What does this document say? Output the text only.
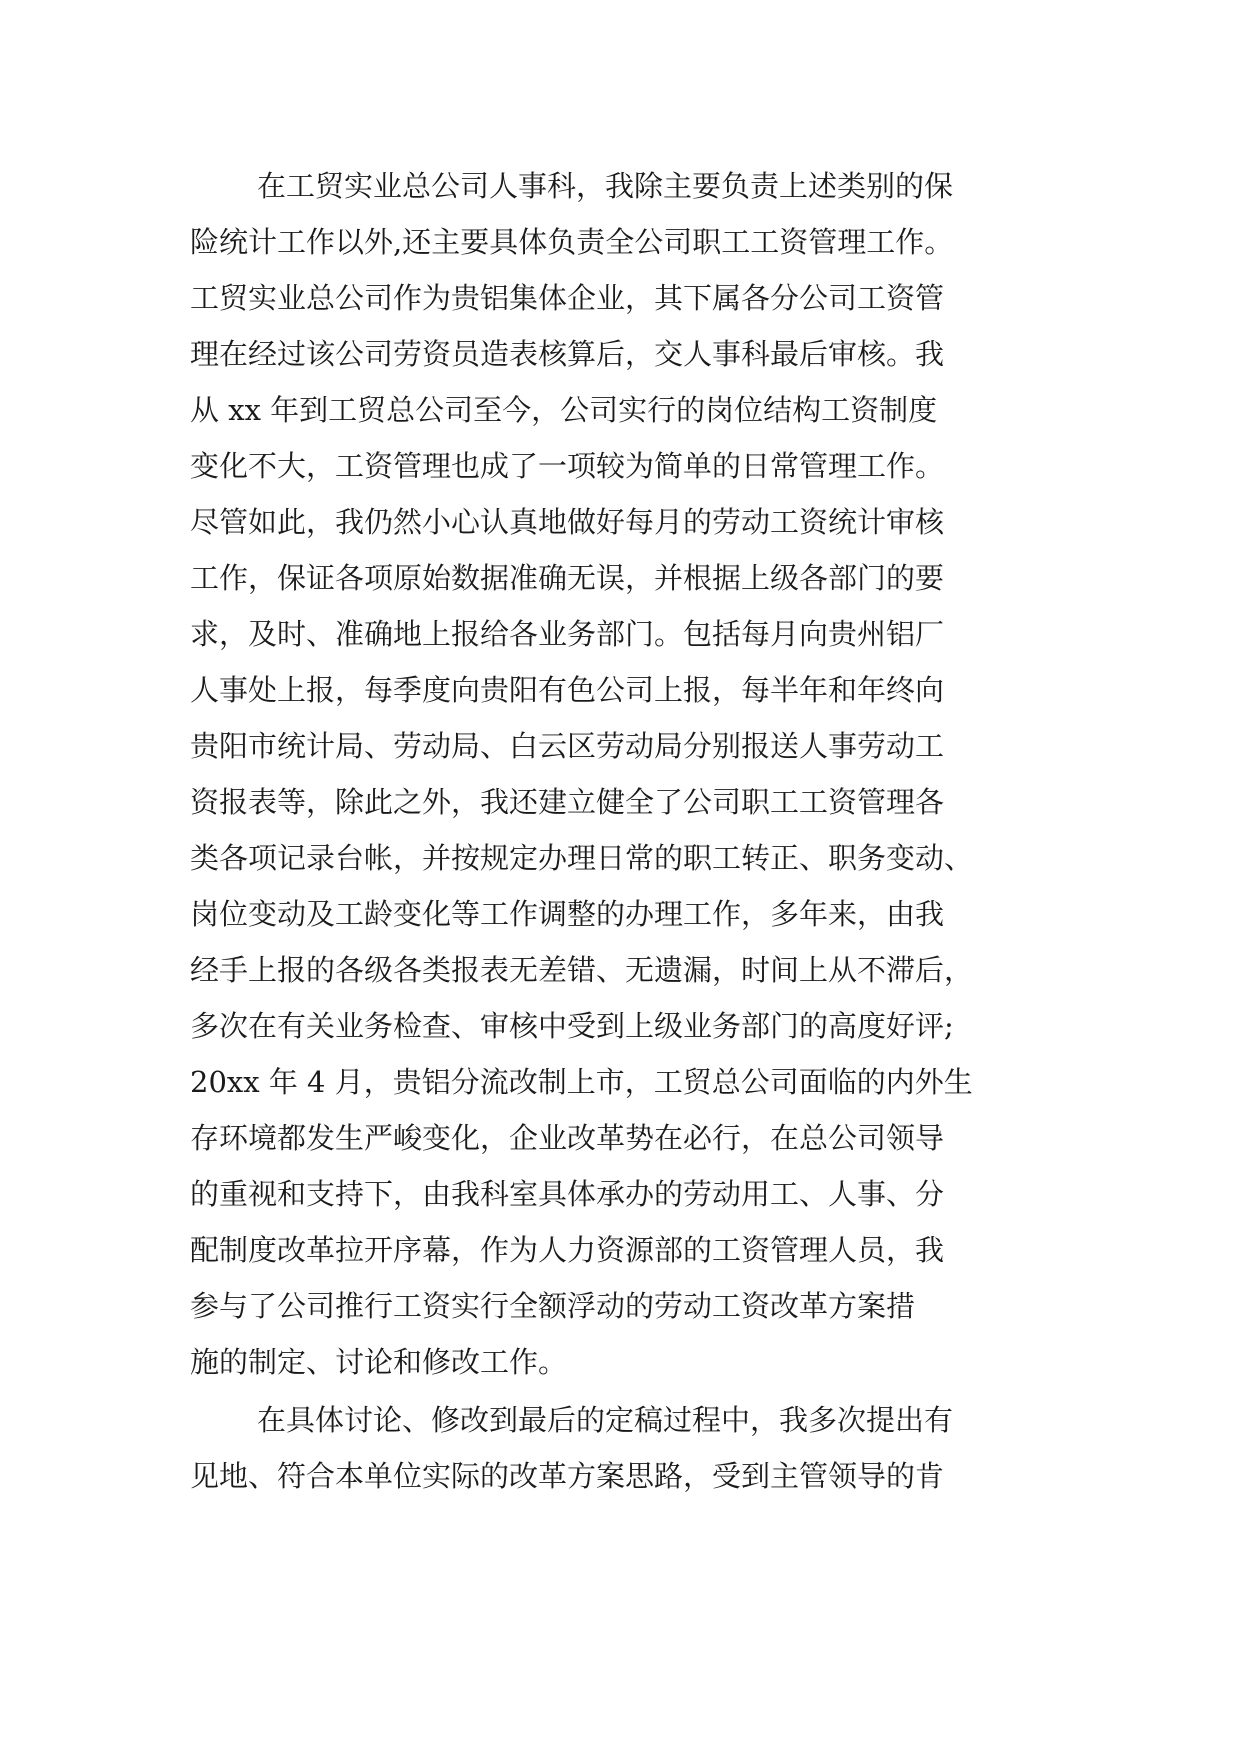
在工贸实业总公司人事科，我除主要负责上述类别的保
险统计工作以外,还主要具体负责全公司职工工资管理工作。
工贸实业总公司作为贵铝集体企业，其下属各分公司工资管
理在经过该公司劳资员造表核算后，交人事科最后审核。我
从 xx 年到工贸总公司至今，公司实行的岗位结构工资制度
变化不大，工资管理也成了一项较为简单的日常管理工作。
尽管如此，我仍然小心认真地做好每月的劳动工资统计审核
工作，保证各项原始数据准确无误，并根据上级各部门的要
求，及时、准确地上报给各业务部门。包括每月向贵州铝厂
人事处上报，每季度向贵阳有色公司上报，每半年和年终向
贵阳市统计局、劳动局、白云区劳动局分别报送人事劳动工
资报表等，除此之外，我还建立健全了公司职工工资管理各
类各项记录台帐，并按规定办理日常的职工转正、职务变动、
岗位变动及工龄变化等工作调整的办理工作，多年来，由我
经手上报的各级各类报表无差错、无遗漏，时间上从不滞后，
多次在有关业务检查、审核中受到上级业务部门的高度好评;
20xx 年 4 月，贵铝分流改制上市，工贸总公司面临的内外生
存环境都发生严峻变化，企业改革势在必行，在总公司领导
的重视和支持下，由我科室具体承办的劳动用工、人事、分
配制度改革拉开序幕，作为人力资源部的工资管理人员，我
参与了公司推行工资实行全额浮动的劳动工资改革方案措
施的制定、讨论和修改工作。
在具体讨论、修改到最后的定稿过程中，我多次提出有
见地、符合本单位实际的改革方案思路，受到主管领导的肯
